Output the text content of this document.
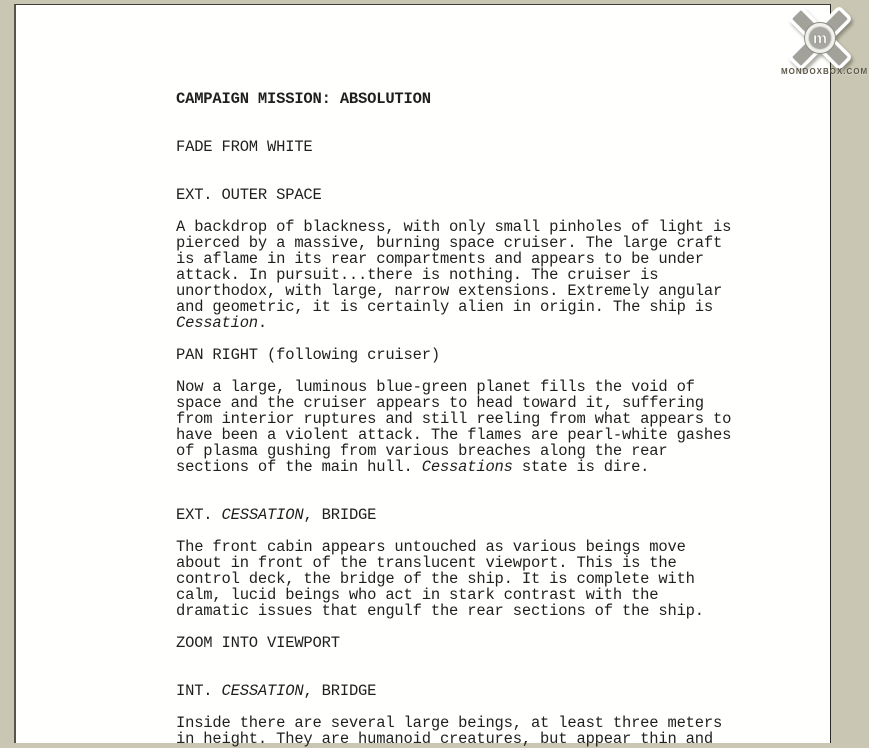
CAMPAIGN MISSION: ABSOLUTION
FADE FROM WHITE
EXT. OUTER SPACE
A backdrop of blackness, with only small pinholes of light is
pierced by a massive, burning space cruiser. The large craft
is aflame in its rear compartments and appears to be under
attack. In pursuit...there is nothing. The cruiser is
unorthodox, with large, narrow extensions. Extremely angular
and geometric, it is certainly alien in origin. The ship is
Cessation.
PAN RIGHT (following cruiser)
Now a large, luminous blue-green planet fills the void of
space and the cruiser appears to head toward it, suffering
from interior ruptures and still reeling from what appears to
have been a violent attack. The flames are pearl-white gashes
of plasma gushing from various breaches along the rear
sections of the main hull. Cessations state is dire.
EXT. CESSATION, BRIDGE
The front cabin appears untouched as various beings move
about in front of the translucent viewport. This is the
control deck, the bridge of the ship. It is complete with
calm, lucid beings who act in stark contrast with the
dramatic issues that engulf the rear sections of the ship.
ZOOM INTO VIEWPORT
INT. CESSATION, BRIDGE
Inside there are several large beings, at least three meters
in height. They are humanoid creatures, but appear thin and
m
MONDOXBOX.COM
